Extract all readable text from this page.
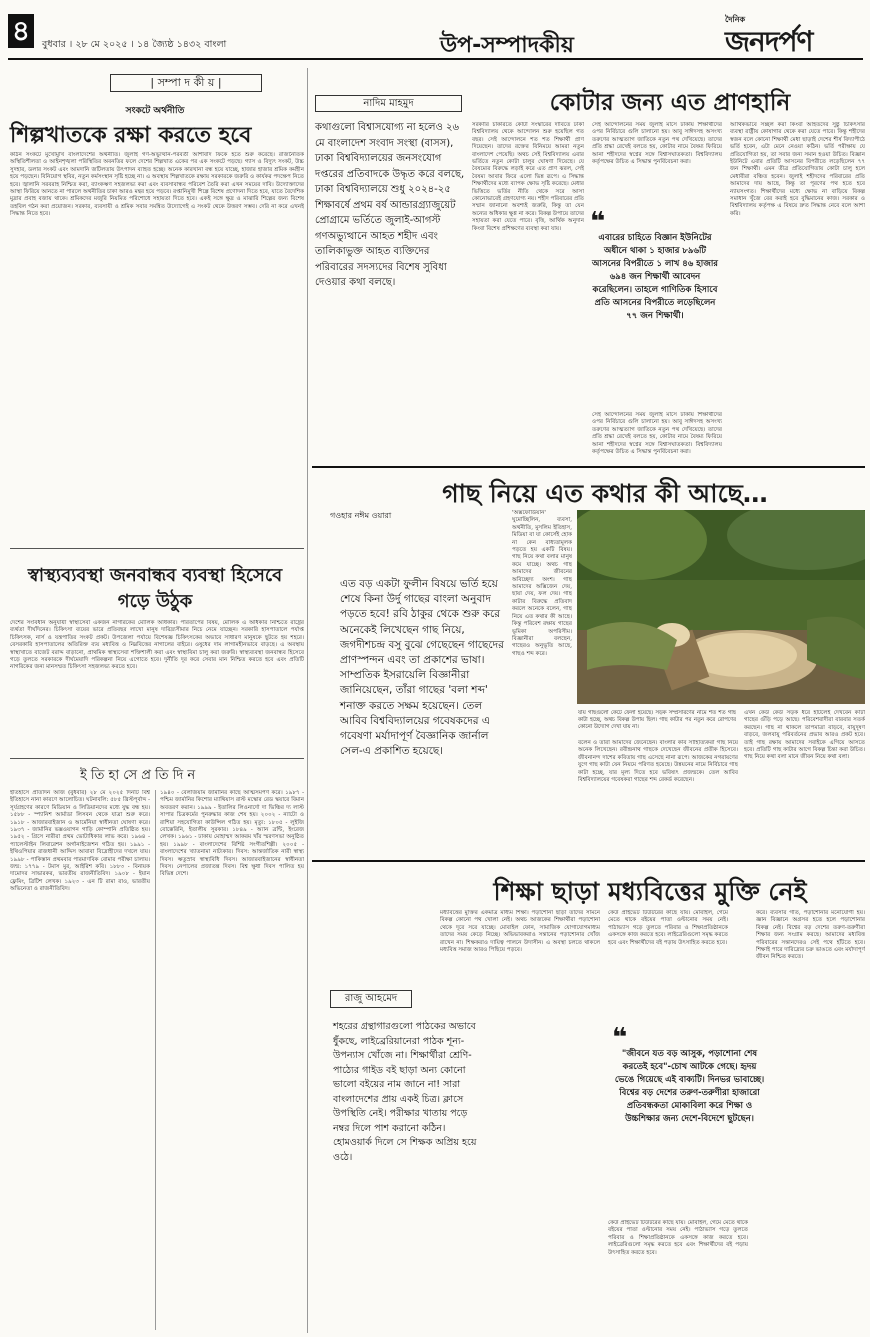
৪	বুধবার । ২৮ মে ২০২৫ । ১৪ জ্যৈষ্ঠ ১৪৩২ বাংলা	উপ-সম্পাদকীয়
দৈনিক
জনদর্পণ
| সম্পা দ কী য় |
সংকটে অর্থনীতি
শিল্পখাতকে রক্ষা করতে হবে
কঠিন সংকটে মুখোমুখি বাংলাদেশের অর্থনীতি। জুলাই গণ-অভ্যুত্থান-পরবর্তী আশাবাদ ফিকে হতে শুরু করেছে। রাজনৈতিক অস্থিতিশীলতা ও আইনশৃঙ্খলা পরিস্থিতির অবনতির ফলে দেশের শিল্পখাত একের পর এক সংকটে পড়ছে। গ্যাস ও বিদ্যুৎ সংকট, উচ্চ সুদহার, ডলার সংকট এবং আমদানি জটিলতায় উৎপাদন ব্যাহত হচ্ছে। অনেক কারখানা বন্ধ হয়ে যাচ্ছে, হাজার হাজার শ্রমিক কর্মহীন হয়ে পড়ছেন। বিনিয়োগ স্থবির, নতুন কর্মসংস্থান সৃষ্টি হচ্ছে না। এ অবস্থায় শিল্পখাতকে রক্ষায় সরকারকে জরুরি ও কার্যকর পদক্ষেপ নিতে হবে। জ্বালানি সরবরাহ নিশ্চিত করা, ব্যাংকঋণ সহজলভ্য করা এবং ব্যবসাবান্ধব পরিবেশ তৈরি করা এখন সময়ের দাবি। উদ্যোক্তাদের আস্থা ফিরিয়ে আনতে না পারলে অর্থনীতির চাকা আরও মন্থর হয়ে পড়বে। রপ্তানিমুখী শিল্পে বিশেষ প্রণোদনা দিতে হবে, যাতে বৈদেশিক মুদ্রার প্রবাহ বজায় থাকে। শ্রমিকদের মজুরি নিয়মিত পরিশোধে সহায়তা দিতে হবে। একই সঙ্গে ক্ষুদ্র ও মাঝারি শিল্পের জন্য বিশেষ তহবিল গঠন করা প্রয়োজন। সরকার, ব্যবসায়ী ও শ্রমিক সবার সমন্বিত উদ্যোগেই এ সংকট থেকে উত্তরণ সম্ভব। দেরি না করে এখনই সিদ্ধান্ত নিতে হবে।
স্বাস্থ্যব্যবস্থা জনবান্ধব ব্যবস্থা হিসেবে গড়ে উঠুক
দেশের সংবিধান অনুযায়ী স্বাস্থ্যসেবা একজন নাগরিকের মৌলিক অধিকার। পরিতাপের বিষয়, মৌলিক এ অধিকার নিশ্চিতে রাষ্ট্রের ব্যর্থতা দীর্ঘদিনের। চিকিৎসা ব্যয়ের ভারে প্রতিবছর লাখো মানুষ দারিদ্র্যসীমার নিচে নেমে যাচ্ছেন। সরকারি হাসপাতালে পর্যাপ্ত চিকিৎসক, নার্স ও যন্ত্রপাতির সংকট প্রকট। উপজেলা পর্যায়ে বিশেষজ্ঞ চিকিৎসকের অভাবে সাধারণ মানুষকে ছুটতে হয় শহরে। বেসরকারি হাসপাতালের অতিরিক্ত ব্যয় মধ্যবিত্ত ও নিম্নবিত্তের নাগালের বাইরে। ওষুধের দাম লাগামহীনভাবে বাড়ছে। এ অবস্থায় স্বাস্থ্যখাতে বাজেট বরাদ্দ বাড়ানো, প্রাথমিক স্বাস্থ্যসেবা শক্তিশালী করা এবং স্বাস্থ্যবিমা চালু করা জরুরি। স্বাস্থ্যব্যবস্থা জনবান্ধব হিসেবে গড়ে তুলতে সরকারকে দীর্ঘমেয়াদি পরিকল্পনা নিয়ে এগোতে হবে। দুর্নীতি দূর করে সেবার মান নিশ্চিত করতে হবে এবং প্রতিটি নাগরিকের জন্য মানসম্মত চিকিৎসা সহজলভ্য করতে হবে।
ই তি হা সে প্র তি দি ন
ইতিহাসে প্রতিদিন আজ (বুধবার) ২৮ মে ২০২৫ দিনটি বিশ্ব ইতিহাসে নানা কারণে আলোচিত। ঘটনাবলি: ৫৮৫ খ্রিস্টপূর্বাব্দ - সূর্যগ্রহণের কারণে মিডিয়ান ও লিডিয়ানদের মধ্যে যুদ্ধ বন্ধ হয়। ১৫৮৮ - স্প্যানিশ আর্মাডা লিসবন থেকে যাত্রা শুরু করে। ১৯১৮ - আজারবাইজান ও আর্মেনিয়া স্বাধীনতা ঘোষণা করে। ১৯৩৭ - জার্মানির ভক্সওয়াগন গাড়ি কোম্পানি প্রতিষ্ঠিত হয়। ১৯৫২ - গ্রিসে নারীরা প্রথম ভোটাধিকার লাভ করে। ১৯৬৪ - প্যালেস্টাইন লিবারেশন অর্গানাইজেশন গঠিত হয়। ১৯৯১ - ইথিওপিয়ার রাজধানী আদ্দিস আবাবা বিদ্রোহীদের দখলে যায়। ১৯৯৮ - পাকিস্তান প্রথমবার পারমাণবিক বোমার পরীক্ষা চালায়। জন্ম: ১৭৭৯ - টমাস মুর, আইরিশ কবি। ১৮৮৩ - বিনায়ক দামোদর সাভারকর, ভারতীয় রাজনীতিবিদ। ১৯০৮ - ইয়ান ফ্লেমিং, ব্রিটিশ লেখক। ১৯২৩ - এন টি রামা রাও, ভারতীয় অভিনেতা ও রাজনীতিবিদ।
১৯৪০ - বেলজিয়াম জার্মানির কাছে আত্মসমর্পণ করে। ১৯৮৭ - পশ্চিম জার্মানির কিশোর ম্যাথিয়াস রাস্ট মস্কোর রেড স্কয়ারে বিমান অবতরণ করান। ১৯৯৯ - ইতালির লিওনার্দো দা ভিঞ্চির দ্য লাস্ট সাপার চিত্রকর্মের পুনরুদ্ধার কাজ শেষ হয়। ২০০২ - ন্যাটো ও রাশিয়া সহযোগিতা কাউন্সিল গঠিত হয়। মৃত্যু: ১৮০৫ - লুইজি বোক্কেরিনি, ইতালীয় সুরকার। ১৮৪৯ - অ্যান ব্রন্টি, ইংরেজ লেখক। ১৯৬১ - ঢাকায় মোহাম্মদ আকরম খাঁর স্মরণসভা অনুষ্ঠিত হয়। ১৯৯৮ - বাংলাদেশের বিশিষ্ট সংগীতশিল্পী। ২০০৫ - বাংলাদেশের খ্যাতনামা নাট্যকার। দিবস: আন্তর্জাতিক নারী স্বাস্থ্য দিবস। ঋতুস্রাব স্বাস্থ্যবিধি দিবস। আজারবাইজানের স্বাধীনতা দিবস। নেপালের প্রজাতন্ত্র দিবস। বিশ্ব ক্ষুধা দিবস পালিত হয় বিভিন্ন দেশে।
নাদিম মাহমুদ	কোটার জন্য এত প্রাণহানি
কথাগুলো বিশ্বাসযোগ্য না হলেও ২৬ মে বাংলাদেশ সংবাদ সংস্থা (বাসস), ঢাকা বিশ্ববিদ্যালয়ের জনসংযোগ দপ্তরের প্রতিবাদকে উদ্ধৃত করে বলছে, ঢাকা বিশ্ববিদ্যালয়ে শুধু ২০২৪-২৫ শিক্ষাবর্ষে প্রথম বর্ষ আন্ডারগ্র্যাজুয়েট প্রোগ্রামে ভর্তিতে জুলাই-আগস্ট গণঅভ্যুত্থানে আহত শহীদ এবং তালিকাভুক্ত আহত ব্যক্তিদের পরিবারের সদস্যদের বিশেষ সুবিধা দেওয়ার কথা বলছে।
সরকারি চাকরিতে কোটা সংস্কারের দাবিতে ঢাকা বিশ্ববিদ্যালয় থেকে আন্দোলন শুরু হয়েছিল গত বছর। সেই আন্দোলনে শত শত শিক্ষার্থী প্রাণ দিয়েছেন। তাদের রক্তের বিনিময়ে আমরা নতুন বাংলাদেশ পেয়েছি। অথচ সেই বিশ্ববিদ্যালয় এবার ভর্তিতে নতুন কোটা চালুর ঘোষণা দিয়েছে। যে বৈষম্যের বিরুদ্ধে লড়াই করে এত প্রাণ ঝরল, সেই বৈষম্য আবার ফিরে এলো ভিন্ন রূপে। এ সিদ্ধান্ত শিক্ষার্থীদের মধ্যে ব্যাপক ক্ষোভ সৃষ্টি করেছে। মেধার ভিত্তিতে ভর্তির নীতি থেকে সরে আসা কোনোভাবেই গ্রহণযোগ্য নয়। শহীদ পরিবারের প্রতি সম্মান জানানো অবশ্যই জরুরি, কিন্তু তা যেন অন্যের অধিকার ক্ষুণ্ণ না করে। বিকল্প উপায়ে তাদের সহায়তা করা যেতে পারে। বৃত্তি, আর্থিক অনুদান কিংবা বিশেষ প্রশিক্ষণের ব্যবস্থা করা যায়।
সেই আন্দোলনের সময় জুলাই মাসে ঢাকায় শিক্ষার্থীদের ওপর নির্বিচারে গুলি চালানো হয়। আবু সাঈদসহ অসংখ্য তরুণের আত্মত্যাগ জাতিকে নতুন পথ দেখিয়েছে। তাদের প্রতি শ্রদ্ধা রেখেই বলতে হয়, কোটার নামে বৈষম্য ফিরিয়ে আনা শহীদদের স্বপ্নের সঙ্গে বিশ্বাসঘাতকতা। বিশ্ববিদ্যালয় কর্তৃপক্ষের উচিত এ সিদ্ধান্ত পুনর্বিবেচনা করা।
❝
এবারের চাহিতে বিজ্ঞান ইউনিটের অধীনে থাকা ১ হাজার ৮৯৬টি আসনের বিপরীতে ১ লাখ ৪৬ হাজার ৬৯৪ জন শিক্ষার্থী আবেদন করেছিলেন। তাহলে গাণিতিক হিসাবে প্রতি আসনের বিপরীতে লড়েছিলেন ৭৭ জন শিক্ষার্থী।
সেই আন্দোলনের সময় জুলাই মাসে ঢাকায় শিক্ষার্থীদের ওপর নির্বিচারে গুলি চালানো হয়। আবু সাঈদসহ অসংখ্য তরুণের আত্মত্যাগ জাতিকে নতুন পথ দেখিয়েছে। তাদের প্রতি শ্রদ্ধা রেখেই বলতে হয়, কোটার নামে বৈষম্য ফিরিয়ে আনা শহীদদের স্বপ্নের সঙ্গে বিশ্বাসঘাতকতা। বিশ্ববিদ্যালয় কর্তৃপক্ষের উচিত এ সিদ্ধান্ত পুনর্বিবেচনা করা।
আর্থিকভাবে সচ্ছল করা কিংবা আহতদের সুষ্ঠু চিকিৎসার ব্যবস্থা রাষ্ট্রীয় কোষাগার থেকে করা যেতে পারে। কিন্তু শহীদের স্বজন বলে কোনো শিক্ষার্থী মেধা ছাড়াই দেশের শীর্ষ বিদ্যাপীঠে ভর্তি হবেন, এটা মেনে নেওয়া কঠিন। ভর্তি পরীক্ষায় যে প্রতিযোগিতা হয়, তা সবার জন্য সমান হওয়া উচিত। বিজ্ঞান ইউনিটে এবার প্রতিটি আসনের বিপরীতে লড়েছিলেন ৭৭ জন শিক্ষার্থী। এমন তীব্র প্রতিযোগিতায় কোটা চালু হলে মেধাবীরা বঞ্চিত হবেন। জুলাই শহীদদের পরিবারের প্রতি আমাদের দায় আছে, কিন্তু তা পূরণের পথ হতে হবে ন্যায়সংগত। শিক্ষার্থীদের মধ্যে ক্ষোভ না বাড়িয়ে বিকল্প সমাধান খুঁজে বের করাই হবে বুদ্ধিমানের কাজ। সরকার ও বিশ্ববিদ্যালয় কর্তৃপক্ষ এ বিষয়ে দ্রুত সিদ্ধান্ত নেবে বলে আশা করি।
গাছ নিয়ে এত কথার কী আছে…
গওহার নঈম ওয়ারা
এত বড় একটা ফুলীন বিষয়ে ভর্তি হয়ে শেষে কিনা উর্দু গাছের বাংলা অনুবাদ পড়তে হবে! রবি ঠাকুর থেকে শুরু করে অনেকেই লিখেছেন গাছ নিয়ে, জগদীশচন্দ্র বসু বুঝে গেছেছেন গাছেদের প্রাণস্পন্দন এবং তা প্রকাশের ভাষা। সাম্প্রতিক ইসরায়েলি বিজ্ঞানীরা জানিয়েছেন, তাঁরা গাছের 'বলা শব্দ' শনাক্ত করতে সক্ষম হয়েছেন। তেল আবিব বিশ্ববিদ্যালয়ের গবেষকদের এ গবেষণা মর্যাদাপূর্ণ বৈজ্ঞানিক জার্নাল সেল-এ প্রকাশিত হয়েছে।
'অক্সফোর্ডিয়ান' ঘুমোচ্ছিলিন, ব্যবসা, অর্থনীতি, মুসলিম ইতিহাস, মিডিয়া বা যা কোর্সেই হোক না কেন বাধ্যতামূলক পড়তে হয় একটি বিষয়। গাছ নিয়ে কথা বলার মানুষ কমে যাচ্ছে। অথচ গাছ আমাদের জীবনের অবিচ্ছেদ্য অংশ। গাছ আমাদের অক্সিজেন দেয়, ছায়া দেয়, ফল দেয়। গাছ কাটার বিরুদ্ধে প্রতিবাদ করলে অনেকে বলেন, গাছ নিয়ে এত কথার কী আছে। কিন্তু পরিবেশ রক্ষায় গাছের ভূমিকা অপরিসীম। বিজ্ঞানীরা বলছেন, গাছেরও অনুভূতি আছে, গাছও শব্দ করে।
যায় গাছগুলো কেটে ফেলা হয়েছে। সড়ক সম্প্রসারণের নামে শত শত গাছ কাটা হচ্ছে, অথচ বিকল্প উপায় ছিল। গাছ কাটার পর নতুন করে রোপণের কোনো উদ্যোগ দেখা যায় না।
বলেন ও তারা আমাদের জেনেছেন। বাংলার কবি সাহিত্যিকরা গাছ নিয়ে অনেক লিখেছেন। রবীন্দ্রনাথ গাছকে দেখেছেন জীবনের প্রতীক হিসেবে। জীবনানন্দ দাশের কবিতায় গাছ এসেছে নানা রূপে। আজকের নগরায়ণের যুগে গাছ কাটা যেন নিয়মে পরিণত হয়েছে। উন্নয়নের নামে নির্বিচারে গাছ কাটা হচ্ছে, যার মূল্য দিতে হবে ভবিষ্যৎ প্রজন্মকে। তেল আবিব বিশ্ববিদ্যালয়ের গবেষকরা গাছের শব্দ রেকর্ড করেছেন।
এখন কেউ কেউ সড়ক ধরে হাঁটলেই দেখবেন কাটা গাছের গুঁড়ি পড়ে আছে। পরিবেশবাদীরা বারবার সতর্ক করছেন। গাছ না থাকলে তাপমাত্রা বাড়বে, বায়ুদূষণ বাড়বে, জলবায়ু পরিবর্তনের প্রভাব আরও প্রকট হবে। তাই গাছ রক্ষায় আমাদের সবাইকে এগিয়ে আসতে হবে। প্রতিটি গাছ কাটার আগে বিকল্প চিন্তা করা উচিত। গাছ নিয়ে কথা বলা মানে জীবন নিয়ে কথা বলা।
শিক্ষা ছাড়া মধ্যবিত্তের মুক্তি নেই
মধ্যবিত্তের মুক্তির একমাত্র মাধ্যম শিক্ষা। পড়াশোনা ছাড়া তাদের সামনে বিকল্প কোনো পথ খোলা নেই। অথচ আজকের শিক্ষার্থীরা পড়াশোনা থেকে দূরে সরে যাচ্ছে। মোবাইল ফোন, সামাজিক যোগাযোগমাধ্যম তাদের সময় কেড়ে নিচ্ছে। অভিভাবকরাও সন্তানের পড়াশোনার খোঁজ রাখেন না। শিক্ষকরাও দায়িত্ব পালনে উদাসীন। এ অবস্থা চলতে থাকলে মধ্যবিত্ত সমাজ আরও পিছিয়ে পড়বে।
রাজু আহমেদ
শহরের গ্রন্থাগারগুলো পাঠকের অভাবে ধুঁকছে, লাইব্রেরিয়ানেরা পাঠক শূন্য-উপন্যাস খোঁজে না। শিক্ষার্থীরা শ্রেণি-পাঠ্যের গাইড বই ছাড়া অন্য কোনো ভালো বইয়ের নাম জানে না! সারা বাংলাদেশের প্রায় একই চিত্র। ক্লাসে উপস্থিতি নেই। পরীক্ষার খাতায় পড়ে নম্বর দিলে পাশ করানো কঠিন। হোমওয়ার্ক দিলে সে শিক্ষক অপ্রিয় হয়ে ওঠে।
কেউ প্রাইভেট টিউটরের কাছে যায়। মোবাইল, গেমে মেতে থাকে বইয়ের পাতা ওল্টানোর সময় নেই। পাঠাভ্যাস গড়ে তুলতে পরিবার ও শিক্ষাপ্রতিষ্ঠানকে একসঙ্গে কাজ করতে হবে। লাইব্রেরিগুলো সমৃদ্ধ করতে হবে এবং শিক্ষার্থীদের বই পড়ায় উৎসাহিত করতে হবে।
❝
"জীবনে যত বড় আসুক, পড়াশোনা শেষ করতেই হবে"-চোখ আটকে গেছে। হৃদয় ভেঙে গিয়েছে এই বাক্যটি। দিনভর ভাবাচ্ছে। বিশ্বের বড় দেশের তরুণ-তরুণীরা হাজারো প্রতিবন্ধকতা মোকাবিলা করে শিক্ষা ও উচ্চশিক্ষার জন্য দেশে-বিদেশে ছুটছেন।
কেউ প্রাইভেট টিউটরের কাছে যায়। মোবাইল, গেমে মেতে থাকে বইয়ের পাতা ওল্টানোর সময় নেই। পাঠাভ্যাস গড়ে তুলতে পরিবার ও শিক্ষাপ্রতিষ্ঠানকে একসঙ্গে কাজ করতে হবে। লাইব্রেরিগুলো সমৃদ্ধ করতে হবে এবং শিক্ষার্থীদের বই পড়ায় উৎসাহিত করতে হবে।
করে। ব্যবসার গতি, পড়াশোনার মনোযোগী হয়। জ্ঞান বিজ্ঞানে অগ্রসর হতে হলে পড়াশোনার বিকল্প নেই। বিশ্বের বড় দেশের তরুণ-তরুণীরা শিক্ষার জন্য সংগ্রাম করছে। আমাদের মধ্যবিত্ত পরিবারের সন্তানদেরও সেই পথে হাঁটতে হবে। শিক্ষাই পারে দারিদ্র্যের চক্র ভাঙতে এবং মর্যাদাপূর্ণ জীবন নিশ্চিত করতে।
